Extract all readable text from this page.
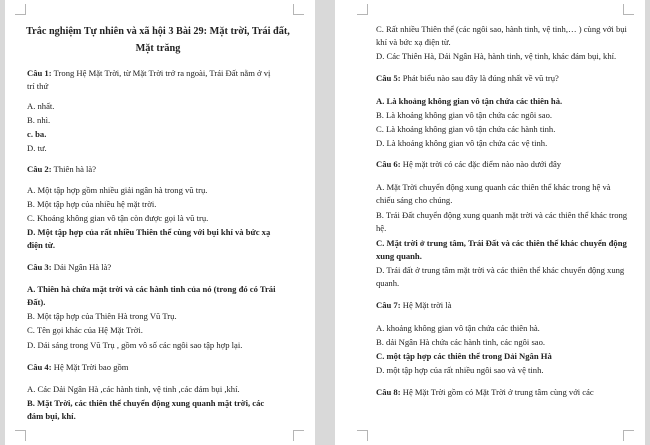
Trắc nghiệm Tự nhiên và xã hội 3 Bài 29: Mặt trời, Trái đất,
Mặt trăng
Câu 1: Trong Hệ Mặt Trời, từ Mặt Trời trở ra ngoài, Trái Đất nằm ở vị
trí thứ
A. nhất.
B. nhì.
c. ba.
D. tư.
Câu 2: Thiên hà là?
A. Một tập hợp gồm nhiều giải ngân hà trong vũ trụ.
B. Một tập hợp của nhiều hệ mặt trời.
C. Khoảng không gian vô tận còn được gọi là vũ trụ.
D. Một tập hợp của rất nhiều Thiên thể cùng với bụi khí và bức xạ
điện từ.
Câu 3: Dải Ngân Hà là?
A. Thiên hà chứa mặt trời và các hành tinh của nó (trong đó có Trái
Đất).
B. Một tập hợp của Thiên Hà trong Vũ Trụ.
C. Tên gọi khác của Hệ Mặt Trời.
D. Dải sáng trong Vũ Trụ , gồm vô số các ngôi sao tập hợp lại.
Câu 4: Hệ Mặt Trời bao gồm
A. Các Dải Ngân Hà ,các hành tinh, vệ tinh ,các đám bụi ,khí.
B. Mặt Trời, các thiên thể chuyển động xung quanh mặt trời, các
đám bụi, khí.
C. Rất nhiều Thiên thể (các ngôi sao, hành tinh, vệ tinh,… ) cùng với bụi
khí và bức xạ điện từ.
D. Các Thiên Hà, Dải Ngân Hà, hành tinh, vệ tinh, khác đám bụi, khí.
Câu 5: Phát biểu nào sau đây là đúng nhất về vũ trụ?
A. Là khoảng không gian vô tận chứa các thiên hà.
B. Là khoảng không gian vô tận chứa các ngôi sao.
C. Là khoảng không gian vô tận chứa các hành tinh.
D. Là khoảng không gian vô tận chứa các vệ tinh.
Câu 6: Hệ mặt trời có các đặc điểm nào nào dưới đây
A. Mặt Trời chuyển động xung quanh các thiên thể khác trong hệ và
chiếu sáng cho chúng.
B. Trái Đất chuyển động xung quanh mặt trời và các thiên thể khác trong
hệ.
C. Mặt trời ở trung tâm, Trái Đất và các thiên thể khác chuyển động
xung quanh.
D. Trái đất ở trung tâm mặt trời và các thiên thể khác chuyển động xung
quanh.
Câu 7: Hệ Mặt trời là
A. khoảng không gian vô tận chứa các thiên hà.
B. dải Ngân Hà chứa các hành tinh, các ngôi sao.
C. một tập hợp các thiên thể trong Dải Ngân Hà
D. một tập hợp của rất nhiều ngôi sao và vệ tinh.
Câu 8: Hệ Mặt Trời gồm có Mặt Trời ở trung tâm cùng với các
